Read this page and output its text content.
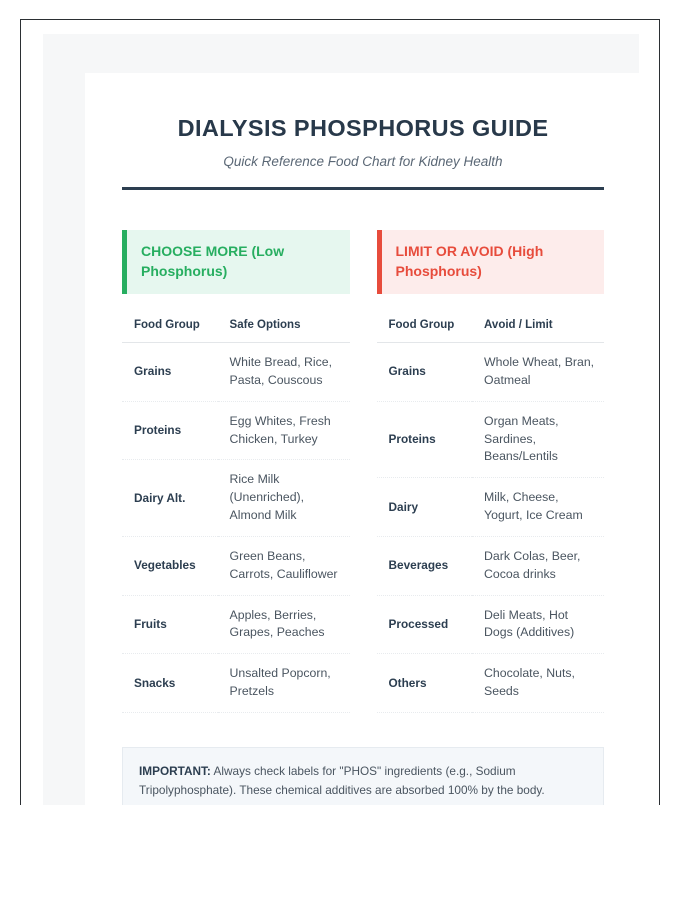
DIALYSIS PHOSPHORUS GUIDE

Quick Reference Food Chart for Kidney Health

CHOOSE MORE (Low Phosphorus)
Food Group	Safe Options
Grains	White Bread, Rice, Pasta, Couscous
Proteins	Egg Whites, Fresh Chicken, Turkey
Dairy Alt.	Rice Milk (Unenriched), Almond Milk
Vegetables	Green Beans, Carrots, Cauliflower
Fruits	Apples, Berries, Grapes, Peaches
Snacks	Unsalted Popcorn, Pretzels
LIMIT OR AVOID (High Phosphorus)
Food Group	Avoid / Limit
Grains	Whole Wheat, Bran, Oatmeal
Proteins	Organ Meats, Sardines, Beans/Lentils
Dairy	Milk, Cheese, Yogurt, Ice Cream
Beverages	Dark Colas, Beer, Cocoa drinks
Processed	Deli Meats, Hot Dogs (Additives)
Others	Chocolate, Nuts, Seeds
IMPORTANT: Always check labels for "PHOS" ingredients (e.g., Sodium Tripolyphosphate). These chemical additives are absorbed 100% by the body.
